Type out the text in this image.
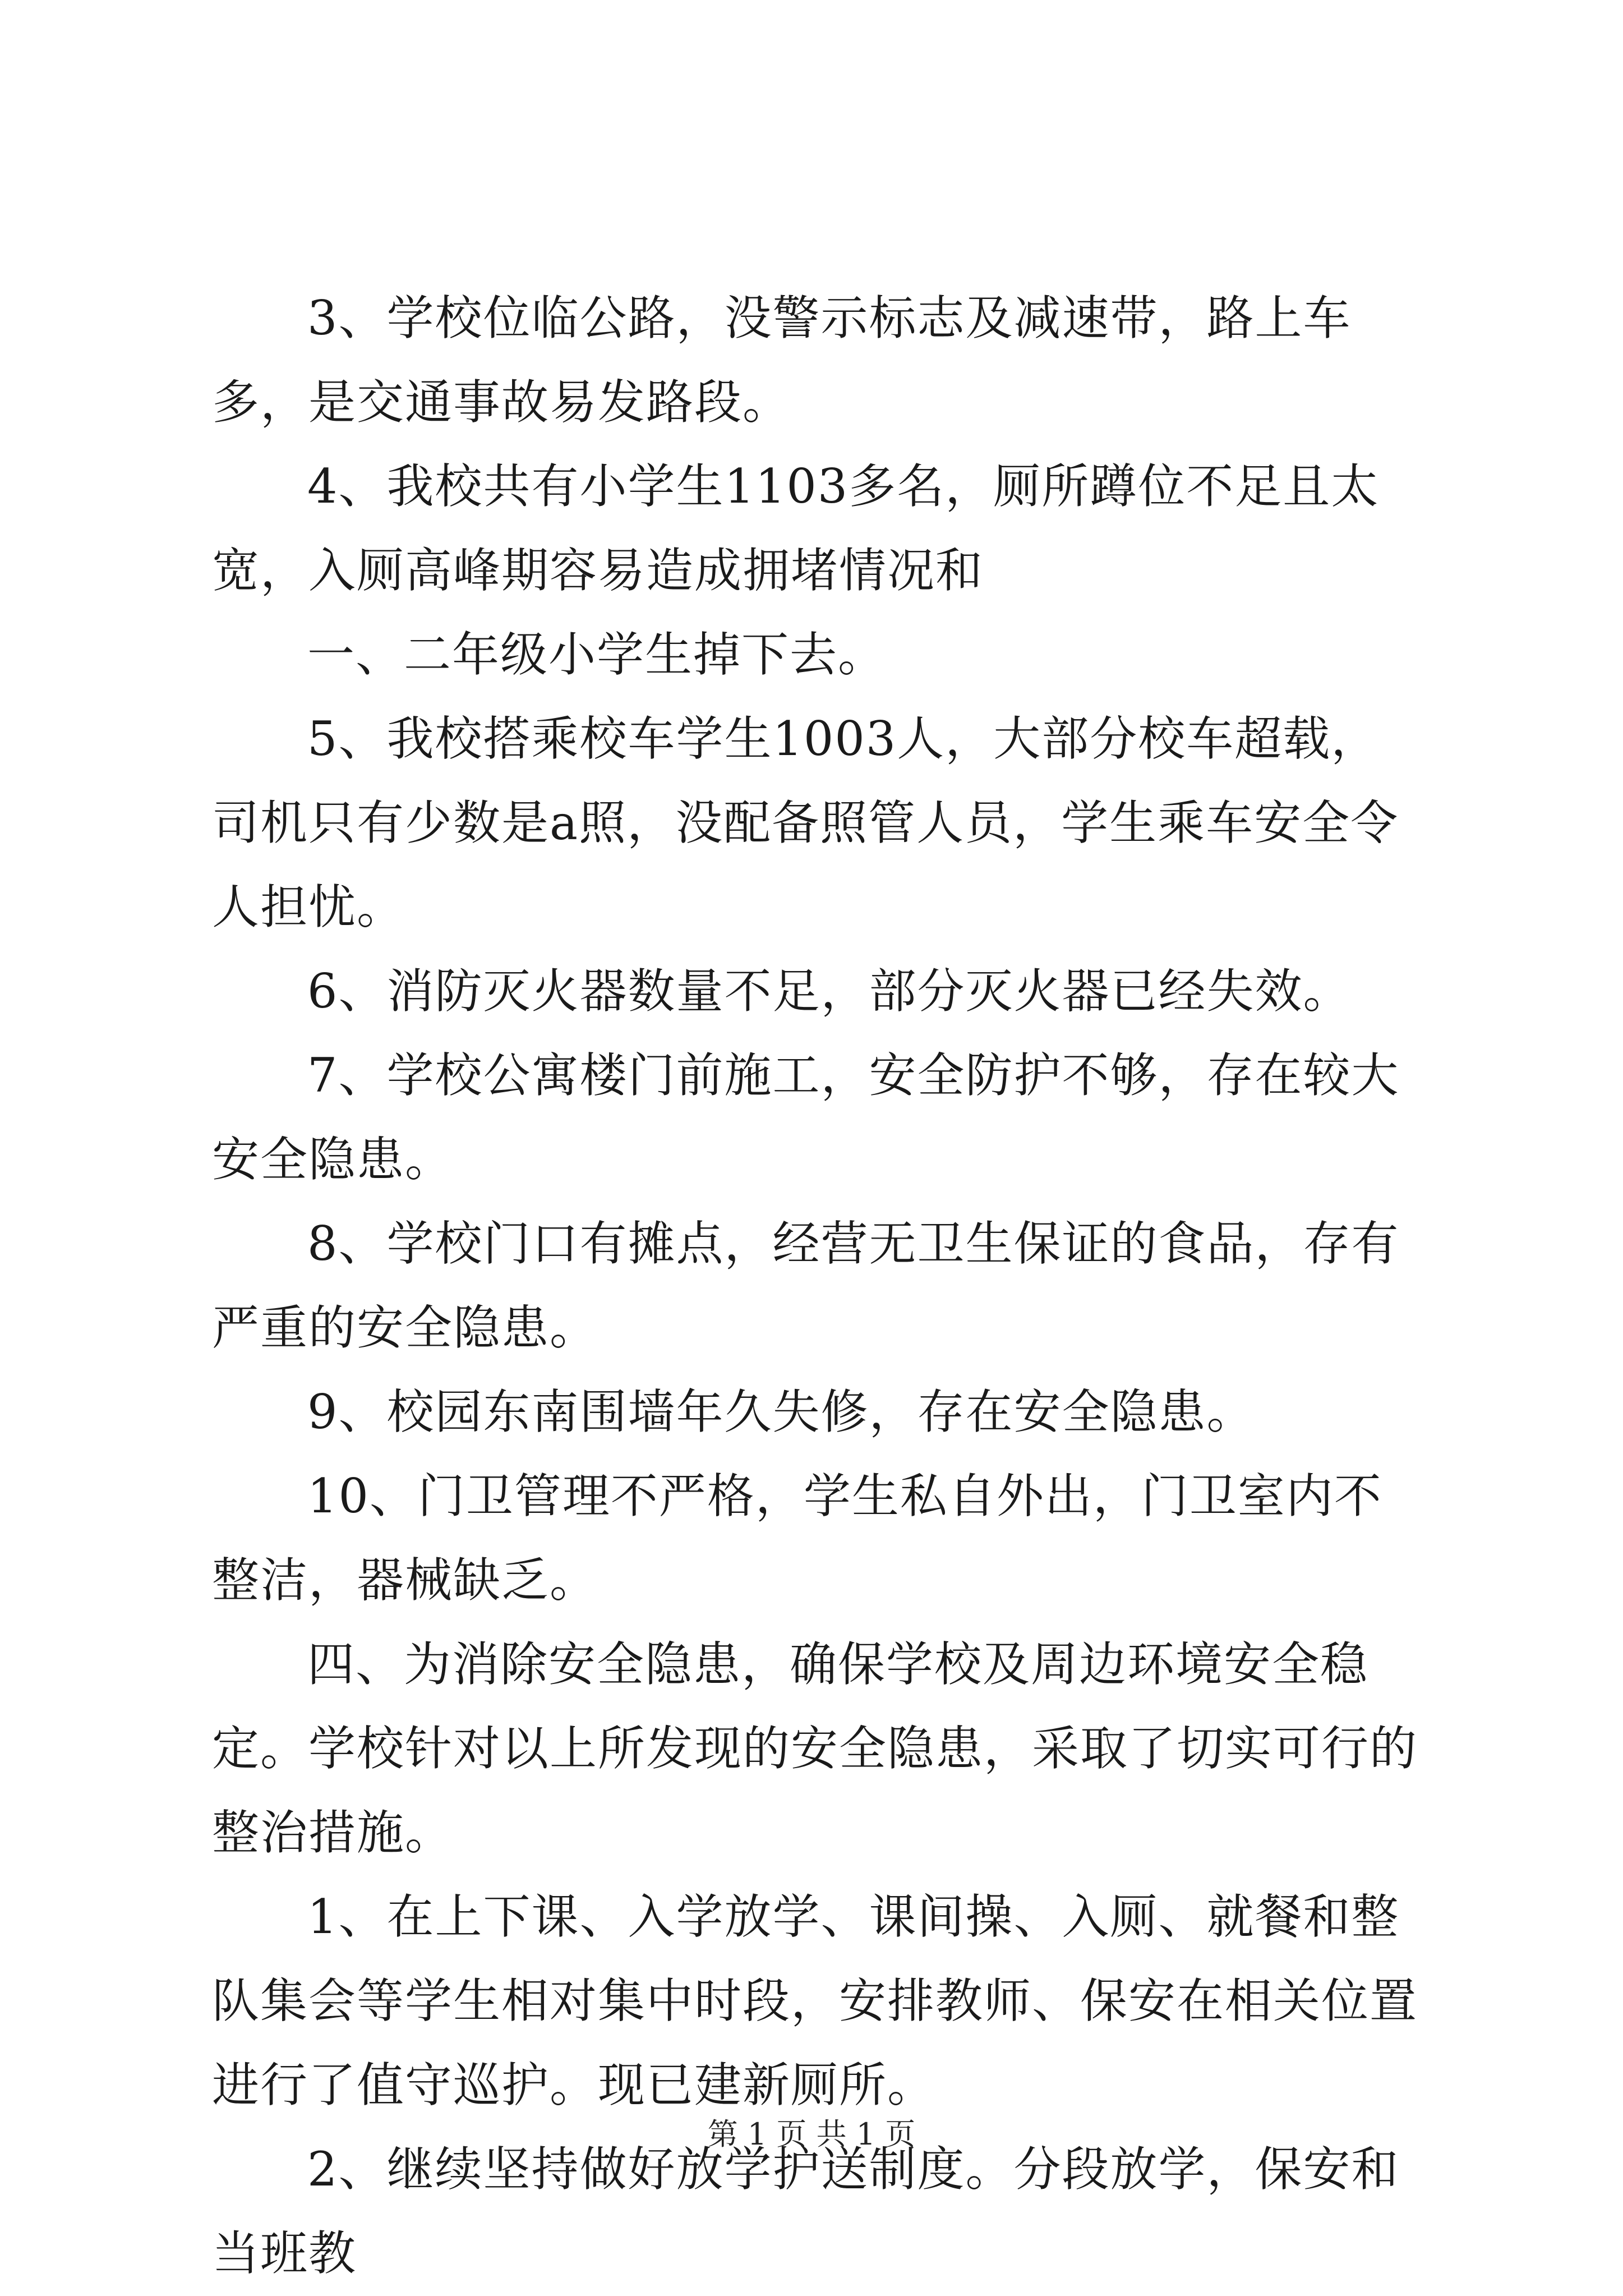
3、学校位临公路，没警示标志及减速带，路上车多，是交通事故易发路段。

4、我校共有小学生1103多名，厕所蹲位不足且太宽，入厕高峰期容易造成拥堵情况和

一、二年级小学生掉下去。

5、我校搭乘校车学生1003人，大部分校车超载，司机只有少数是a照，没配备照管人员，学生乘车安全令人担忧。

6、消防灭火器数量不足，部分灭火器已经失效。

7、学校公寓楼门前施工，安全防护不够，存在较大安全隐患。

8、学校门口有摊点，经营无卫生保证的食品，存有严重的安全隐患。

9、校园东南围墙年久失修，存在安全隐患。

10、门卫管理不严格，学生私自外出，门卫室内不整洁，器械缺乏。

四、为消除安全隐患，确保学校及周边环境安全稳定。学校针对以上所发现的安全隐患，采取了切实可行的整治措施。

1、在上下课、入学放学、课间操、入厕、就餐和整队集会等学生相对集中时段，安排教师、保安在相关位置进行了值守巡护。现已建新厕所。

2、继续坚持做好放学护送制度。分段放学，保安和当班教

第 1 页 共 1 页
